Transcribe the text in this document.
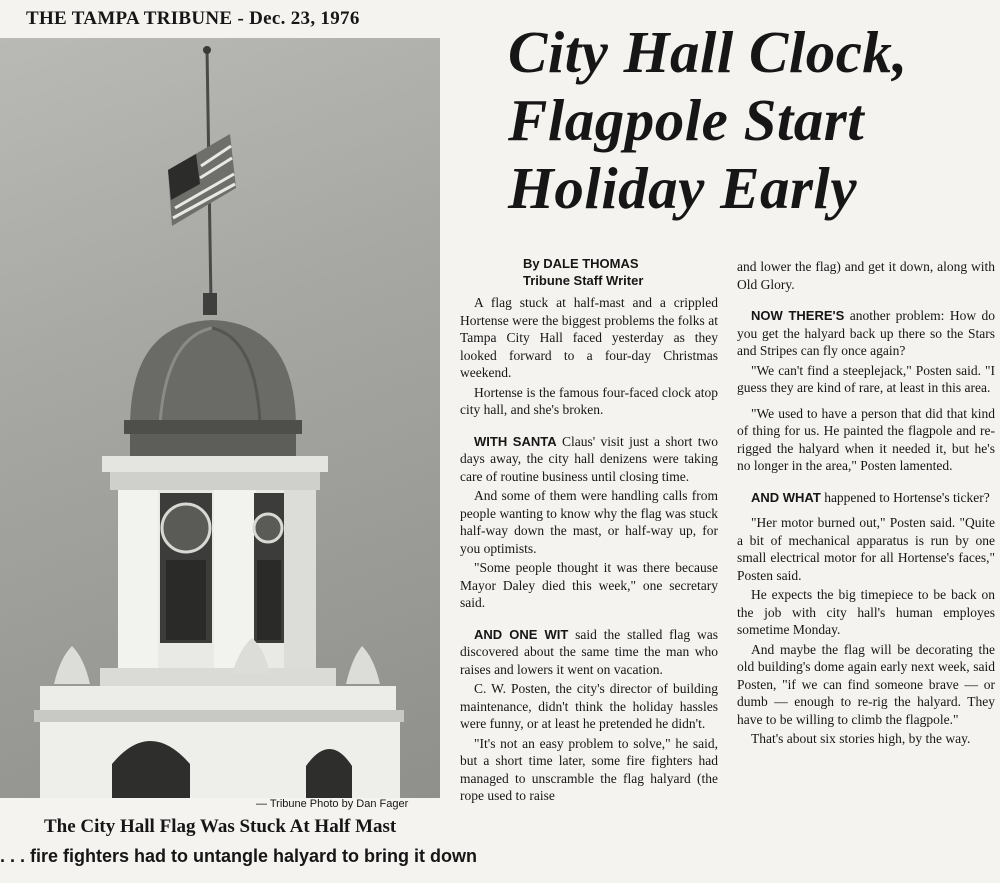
THE TAMPA TRIBUNE - Dec. 23, 1976
— Tribune Photo by Dan Fager
The City Hall Flag Was Stuck At Half Mast
. . . fire fighters had to untangle halyard to bring it down
City Hall Clock,
Flagpole Start
Holiday Early
By DALE THOMAS
Tribune Staff Writer

A flag stuck at half-mast and a crippled Hortense were the biggest problems the folks at Tampa City Hall faced yesterday as they looked forward to a four-day Christmas weekend.

Hortense is the famous four-faced clock atop city hall, and she's broken.

WITH SANTA Claus' visit just a short two days away, the city hall denizens were taking care of routine business until closing time.

And some of them were handling calls from people wanting to know why the flag was stuck half-way down the mast, or half-way up, for you optimists.

"Some people thought it was there because Mayor Daley died this week," one secretary said.

AND ONE WIT said the stalled flag was discovered about the same time the man who raises and lowers it went on vacation.

C. W. Posten, the city's director of building maintenance, didn't think the holiday hassles were funny, or at least he pretended he didn't.

"It's not an easy problem to solve," he said, but a short time later, some fire fighters had managed to unscramble the flag halyard (the rope used to raise

and lower the flag) and get it down, along with Old Glory.

NOW THERE'S another problem: How do you get the halyard back up there so the Stars and Stripes can fly once again?

"We can't find a steeplejack," Posten said. "I guess they are kind of rare, at least in this area.

"We used to have a person that did that kind of thing for us. He painted the flagpole and re-rigged the halyard when it needed it, but he's no longer in the area," Posten lamented.

AND WHAT happened to Hortense's ticker?

"Her motor burned out," Posten said. "Quite a bit of mechanical apparatus is run by one small electrical motor for all Hortense's faces," Posten said.

He expects the big timepiece to be back on the job with city hall's human employes sometime Monday.

And maybe the flag will be decorating the old building's dome again early next week, said Posten, "if we can find someone brave — or dumb — enough to re-rig the halyard. They have to be willing to climb the flagpole."

That's about six stories high, by the way.
